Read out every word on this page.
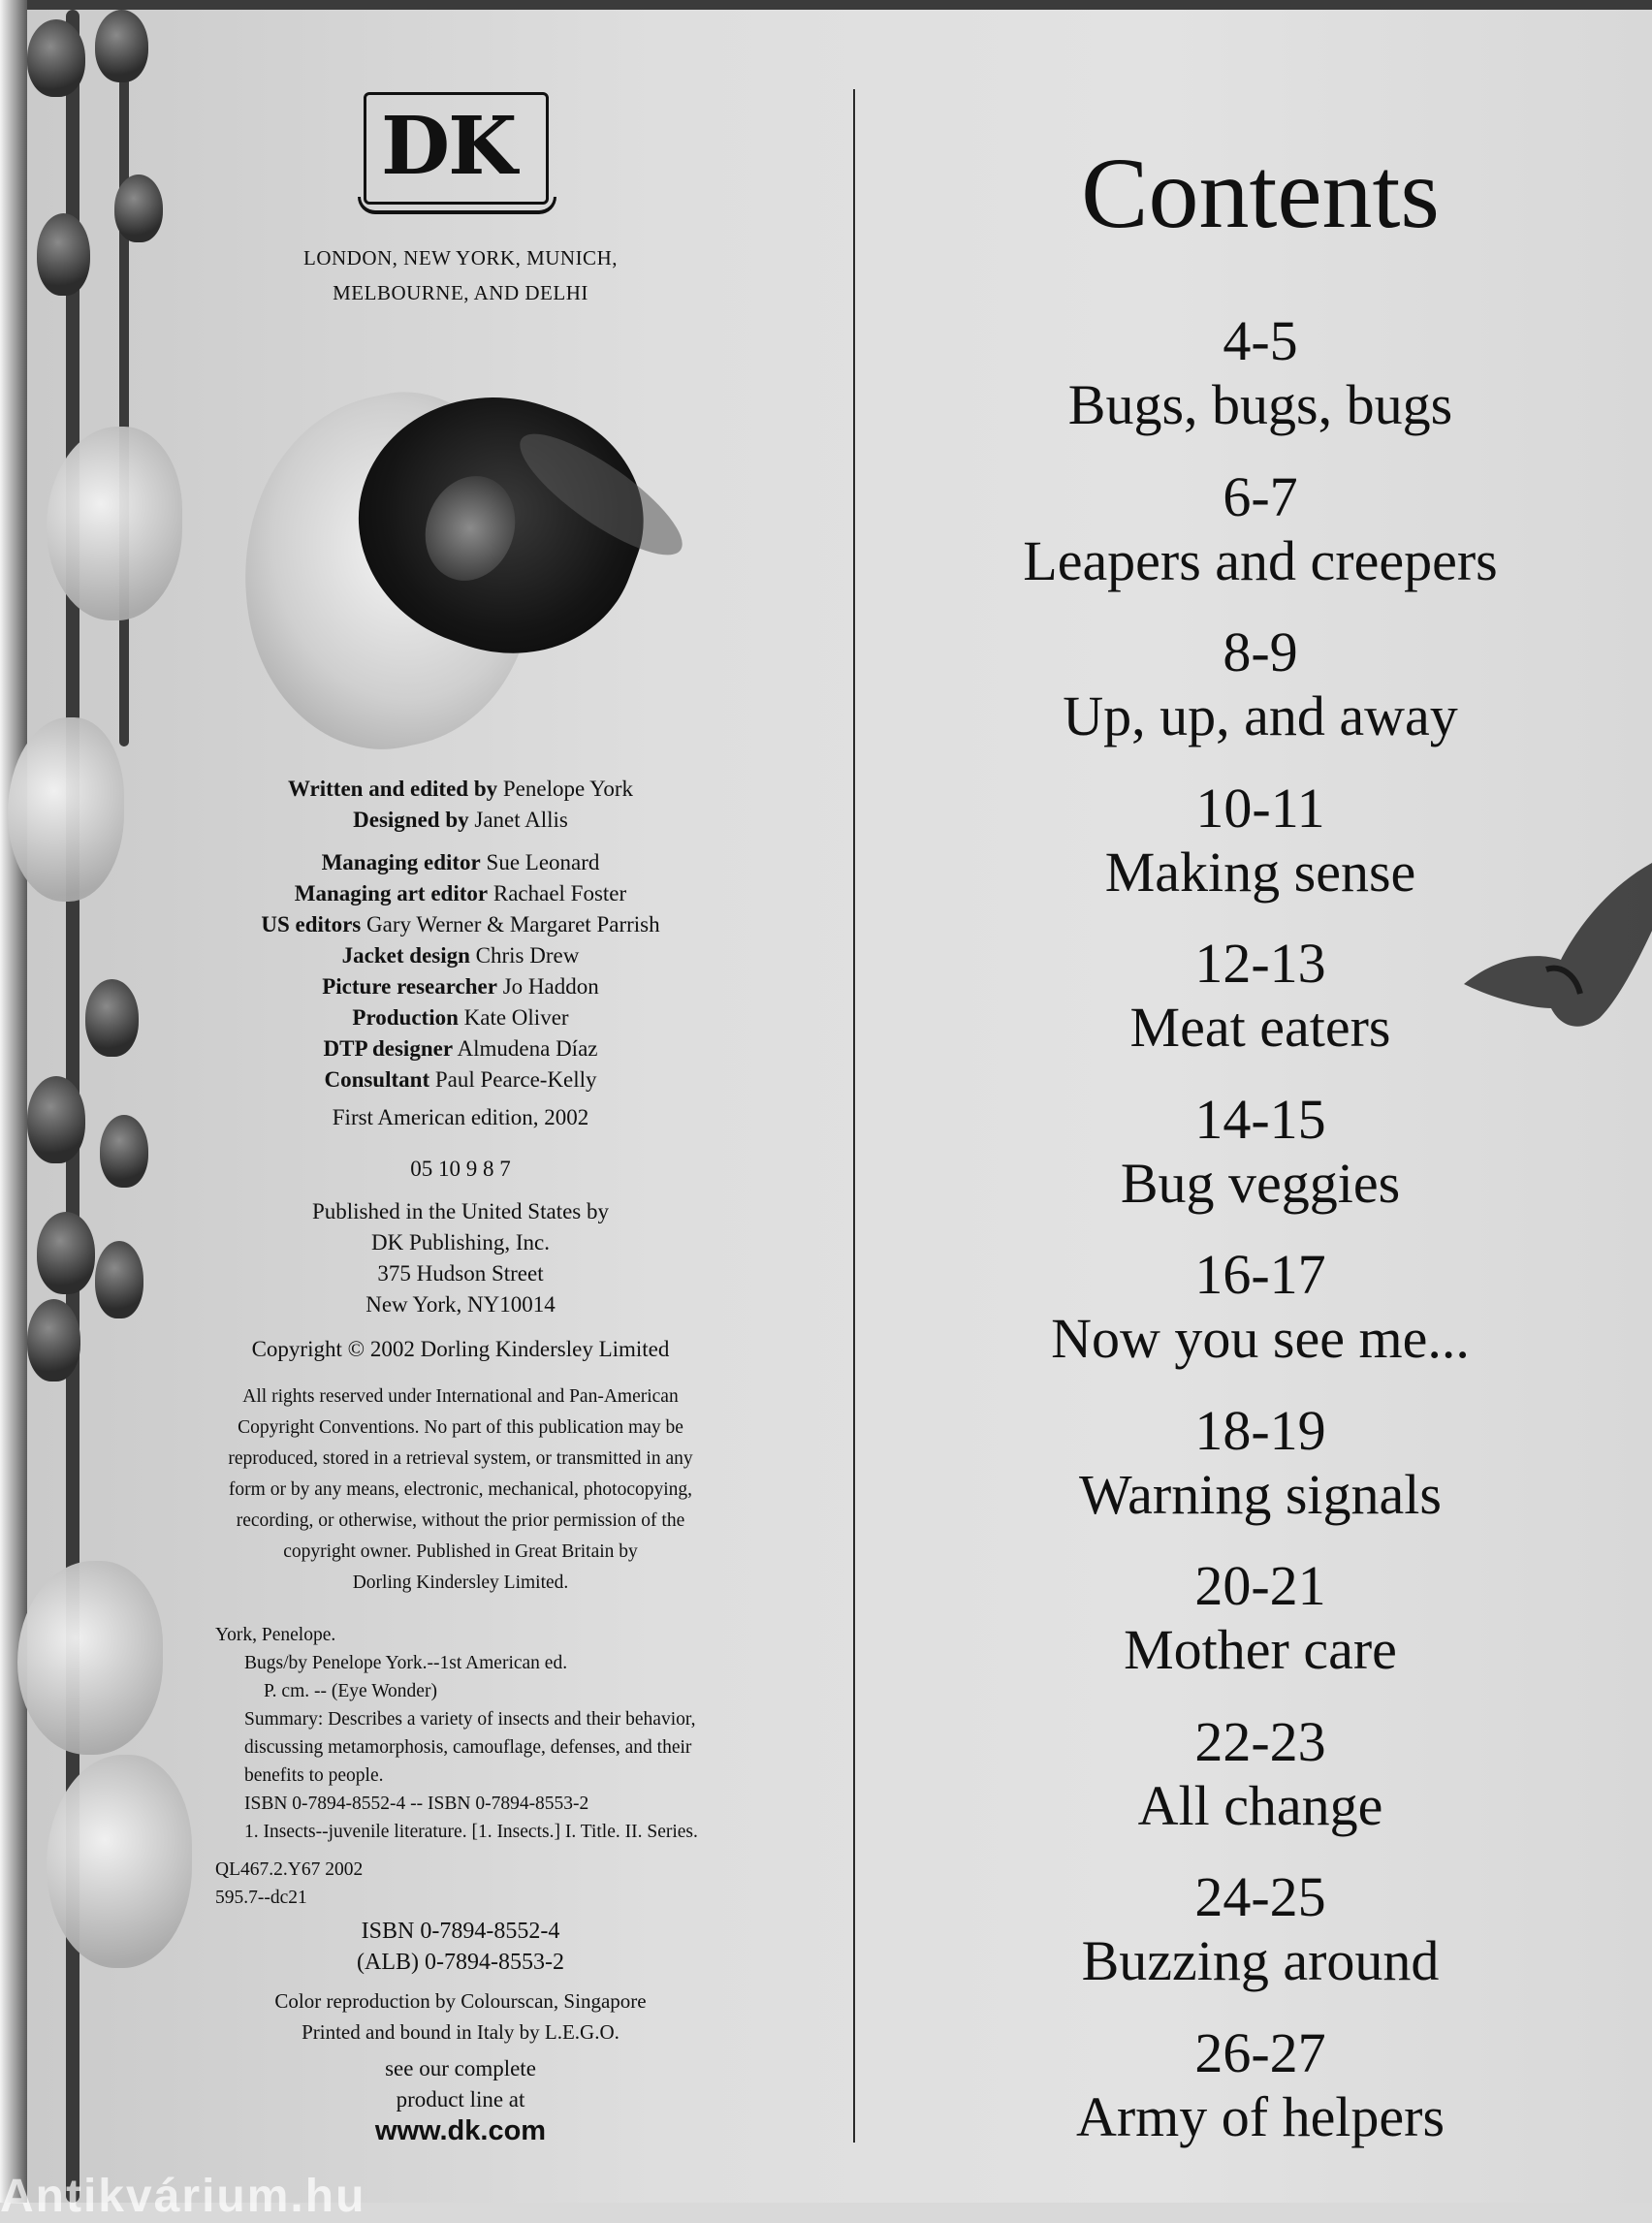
DK
LONDON, NEW YORK, MUNICH,
MELBOURNE, AND DELHI
Written and edited by Penelope York
Designed by Janet Allis
Managing editor Sue Leonard
Managing art editor Rachael Foster
US editors Gary Werner & Margaret Parrish
Jacket design Chris Drew
Picture researcher Jo Haddon
Production Kate Oliver
DTP designer Almudena Díaz
Consultant Paul Pearce-Kelly
First American edition, 2002
05 10 9 8 7
Published in the United States by
DK Publishing, Inc.
375 Hudson Street
New York, NY10014
Copyright © 2002 Dorling Kindersley Limited
All rights reserved under International and Pan-American
Copyright Conventions. No part of this publication may be
reproduced, stored in a retrieval system, or transmitted in any
form or by any means, electronic, mechanical, photocopying,
recording, or otherwise, without the prior permission of the
copyright owner. Published in Great Britain by
Dorling Kindersley Limited.
York, Penelope.
Bugs/by Penelope York.--1st American ed.
P. cm. -- (Eye Wonder)
Summary: Describes a variety of insects and their behavior,
discussing metamorphosis, camouflage, defenses, and their
benefits to people.
ISBN 0-7894-8552-4 -- ISBN 0-7894-8553-2
1. Insects--juvenile literature. [1. Insects.] I. Title. II. Series.
QL467.2.Y67 2002
595.7--dc21
ISBN 0-7894-8552-4
(ALB) 0-7894-8553-2
Color reproduction by Colourscan, Singapore
Printed and bound in Italy by L.E.G.O.
see our complete
product line at
www.dk.com
Contents
4-5
Bugs, bugs, bugs
6-7
Leapers and creepers
8-9
Up, up, and away
10-11
Making sense
12-13
Meat eaters
14-15
Bug veggies
16-17
Now you see me...
18-19
Warning signals
20-21
Mother care
22-23
All change
24-25
Buzzing around
26-27
Army of helpers
Antikvárium.hu
